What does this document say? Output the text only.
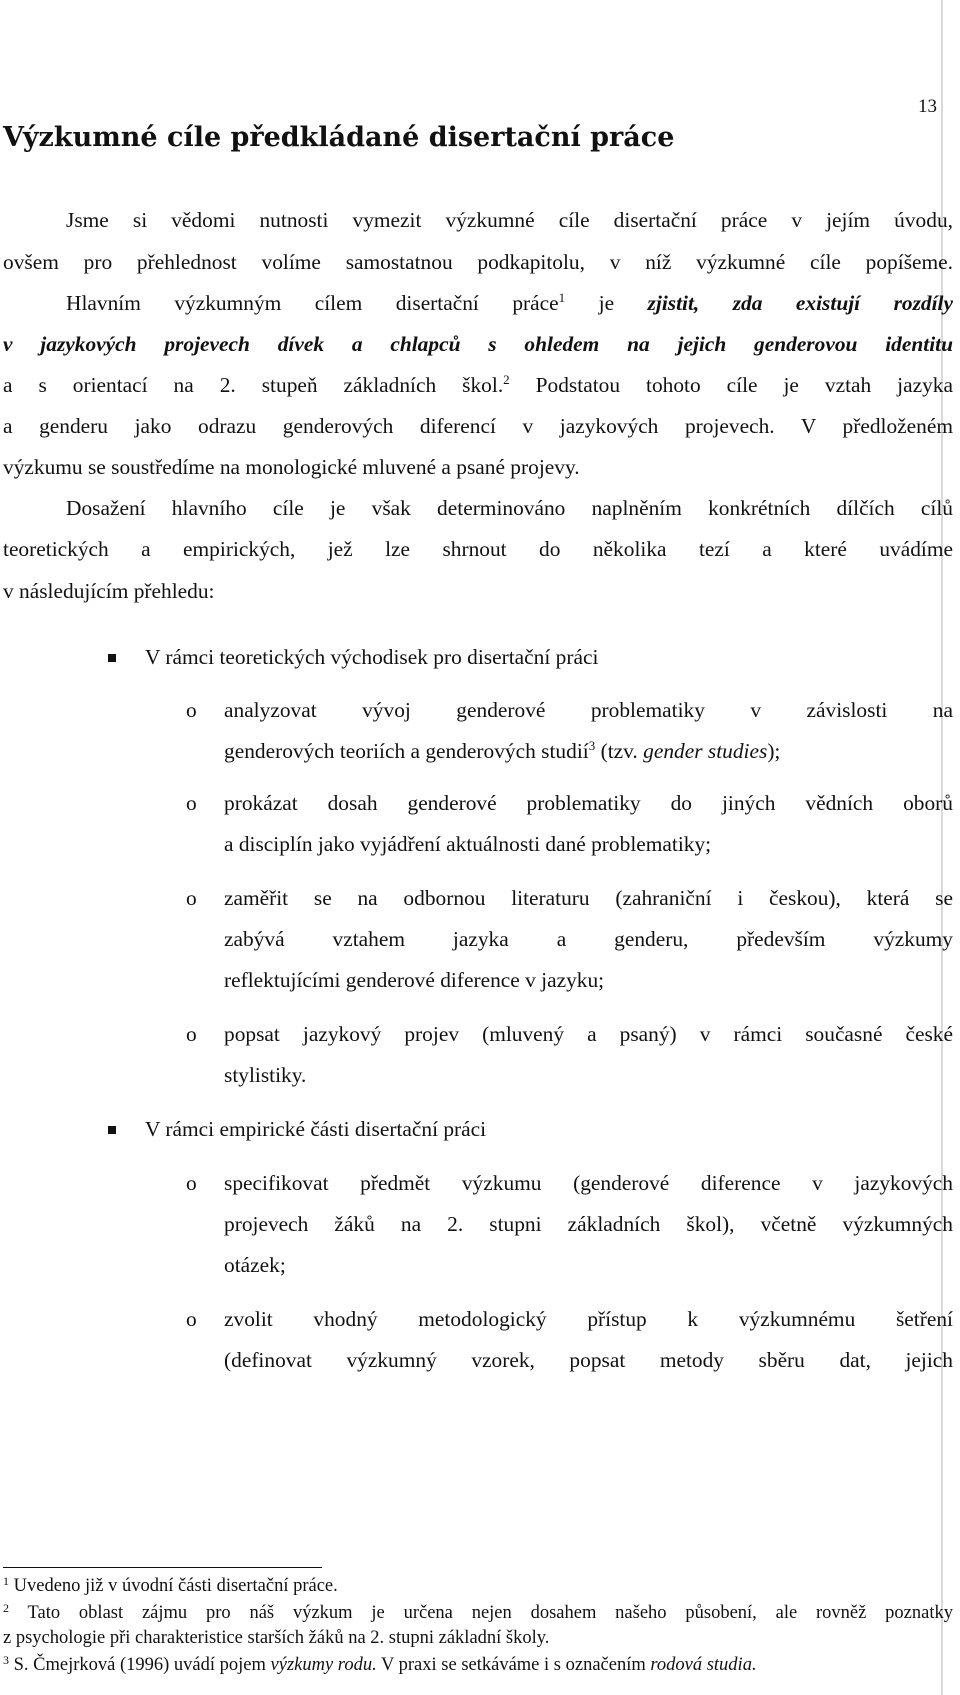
13
Výzkumné cíle předkládané disertační práce
Jsme si vědomi nutnosti vymezit výzkumné cíle disertační práce v jejím úvodu,
ovšem pro přehlednost volíme samostatnou podkapitolu, v níž výzkumné cíle popíšeme.
Hlavním výzkumným cílem disertační práce$^1$ je zjistit, zda existují rozdíly
v jazykových projevech dívek a chlapců s ohledem na jejich genderovou identitu
a s orientací na 2. stupeň základních škol.$^2$ Podstatou tohoto cíle je vztah jazyka
a genderu jako odrazu genderových diferencí v jazykových projevech. V předloženém
výzkumu se soustředíme na monologické mluvené a psané projevy.
Dosažení hlavního cíle je však determinováno naplněním konkrétních dílčích cílů
teoretických a empirických, jež lze shrnout do několika tezí a které uvádíme
v následujícím přehledu:
V rámci teoretických východisek pro disertační práci
o analyzovat vývoj genderové problematiky v závislosti na
genderových teoriích a genderových studií$^3$ (tzv. gender studies);
o prokázat dosah genderové problematiky do jiných vědních oborů
a disciplín jako vyjádření aktuálnosti dané problematiky;
o zaměřit se na odbornou literaturu (zahraniční i českou), která se
zabývá vztahem jazyka a genderu, především výzkumy
reflektujícími genderové diference v jazyku;
o popsat jazykový projev (mluvený a psaný) v rámci současné české
stylistiky.
V rámci empirické části disertační práci
o specifikovat předmět výzkumu (genderové diference v jazykových
projevech žáků na 2. stupni základních škol), včetně výzkumných
otázek;
o zvolit vhodný metodologický přístup k výzkumnému šetření
(definovat výzkumný vzorek, popsat metody sběru dat, jejich
$^1$ Uvedeno již v úvodní části disertační práce.
$^2$ Tato oblast zájmu pro náš výzkum je určena nejen dosahem našeho působení, ale rovněž poznatky
z psychologie při charakteristice starších žáků na 2. stupni základní školy.
$^3$ S. Čmejrková (1996) uvádí pojem výzkumy rodu. V praxi se setkáváme i s označením rodová studia.
